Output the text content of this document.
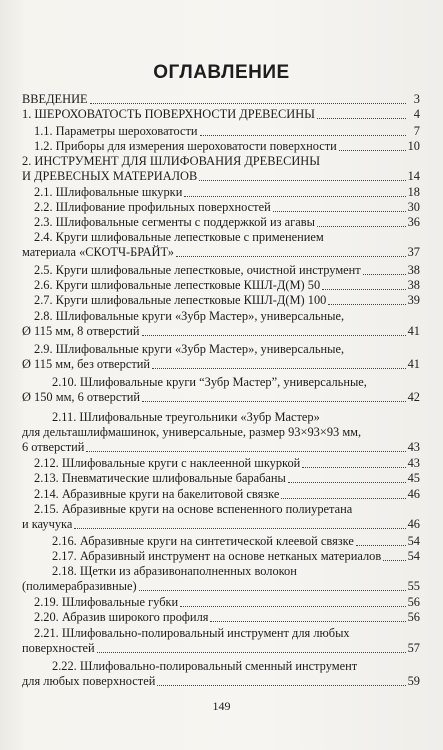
ОГЛАВЛЕНИЕ
ВВЕДЕНИЕ	3
1. ШЕРОХОВАТОСТЬ ПОВЕРХНОСТИ ДРЕВЕСИНЫ	4
1.1. Параметры шероховатости	7
1.2. Приборы для измерения шероховатости поверхности	10
2. ИНСТРУМЕНТ ДЛЯ ШЛИФОВАНИЯ ДРЕВЕСИНЫ
И ДРЕВЕСНЫХ МАТЕРИАЛОВ	14
2.1. Шлифовальные шкурки	18
2.2. Шлифование профильных поверхностей	30
2.3. Шлифовальные сегменты с поддержкой из агавы	36
2.4. Круги шлифовальные лепестковые с применением
материала «СКОТЧ-БРАЙТ»	37
2.5. Круги шлифовальные лепестковые, очистной инструмент	38
2.6. Круги шлифовальные лепестковые КШЛ-Д(М) 50	38
2.7. Круги шлифовальные лепестковые КШЛ-Д(М) 100	39
2.8. Шлифовальные круги «Зубр Мастер», универсальные,
Ø 115 мм, 8 отверстий	41
2.9. Шлифовальные круги «Зубр Мастер», универсальные,
Ø 115 мм, без отверстий	41
2.10. Шлифовальные круги “Зубр Мастер”, универсальные,
Ø 150 мм, 6 отверстий	42
2.11. Шлифовальные треугольники «Зубр Мастер»
для дельташлифмашинок, универсальные, размер 93×93×93 мм,
6 отверстий	43
2.12. Шлифовальные круги с наклеенной шкуркой	43
2.13. Пневматические шлифовальные барабаны	45
2.14. Абразивные круги на бакелитовой связке	46
2.15. Абразивные круги на основе вспененного полиуретана
и каучука	46
2.16. Абразивные круги на синтетической клеевой связке	54
2.17. Абразивный инструмент на основе нетканых материалов 54
2.18. Щетки из абразивонаполненных волокон
(полимерабразивные)	55
2.19. Шлифовальные губки	56
2.20. Абразив широкого профиля	56
2.21. Шлифовально-полировальный инструмент для любых
поверхностей	57
2.22. Шлифовально-полировальный сменный инструмент
для любых поверхностей	59
149
